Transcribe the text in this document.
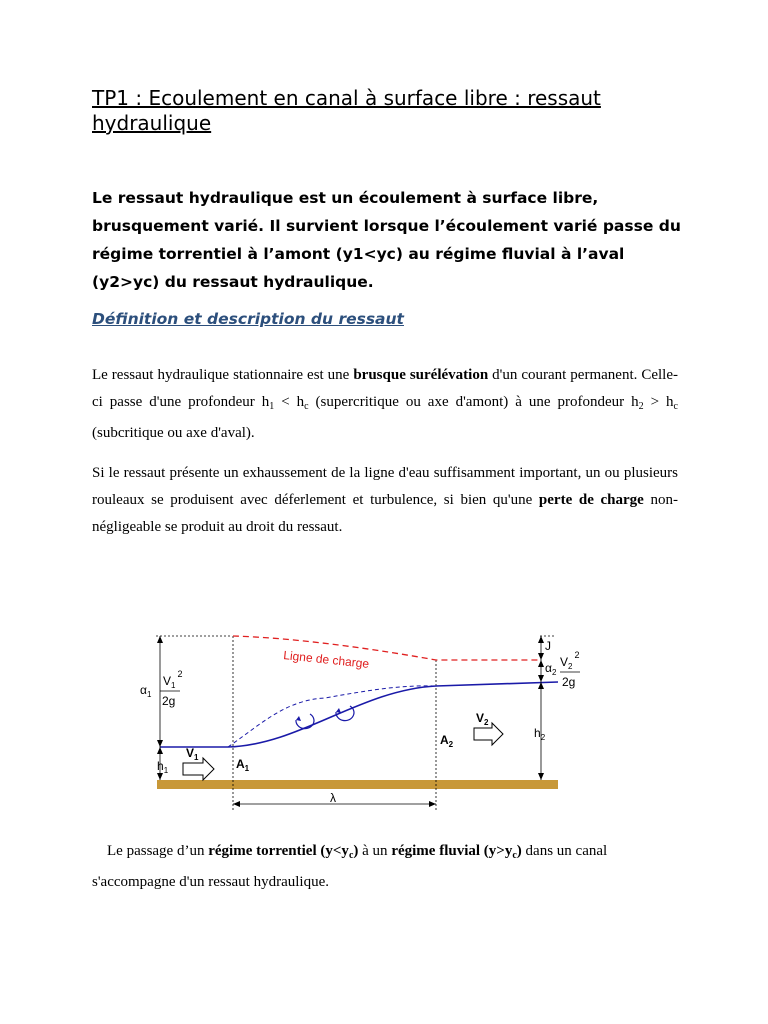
TP1 : Ecoulement en canal à surface libre : ressaut hydraulique
Le ressaut hydraulique est un écoulement à surface libre, brusquement varié. Il survient lorsque l’écoulement varié passe du régime torrentiel à l’amont (y1<yc) au régime fluvial à l’aval (y2>yc) du ressaut hydraulique.
Définition et description du ressaut
Le ressaut hydraulique stationnaire est une brusque surélévation d'un courant permanent. Celle-ci passe d'une profondeur $h_1 < h_c$ (supercritique ou axe d'amont) à une profondeur $h_2 > h_c$ (subcritique ou axe d'aval).
Si le ressaut présente un exhaussement de la ligne d'eau suffisamment important, un ou plusieurs rouleaux se produisent avec déferlement et turbulence, si bien qu'une perte de charge non-négligeable se produit au droit du ressaut.
Ligne de charge
$\alpha_1$
$V_1^2$
2g
$h_1$
$V_1$	$A_1$
$A_2$
$V_2$
$h_2$
J
$\alpha_2$
$V_2^2$
2g
λ
Le passage d’un régime torrentiel $(y<y_c)$ à un régime fluvial $(y>y_c)$ dans un canal s'accompagne d'un ressaut hydraulique.
